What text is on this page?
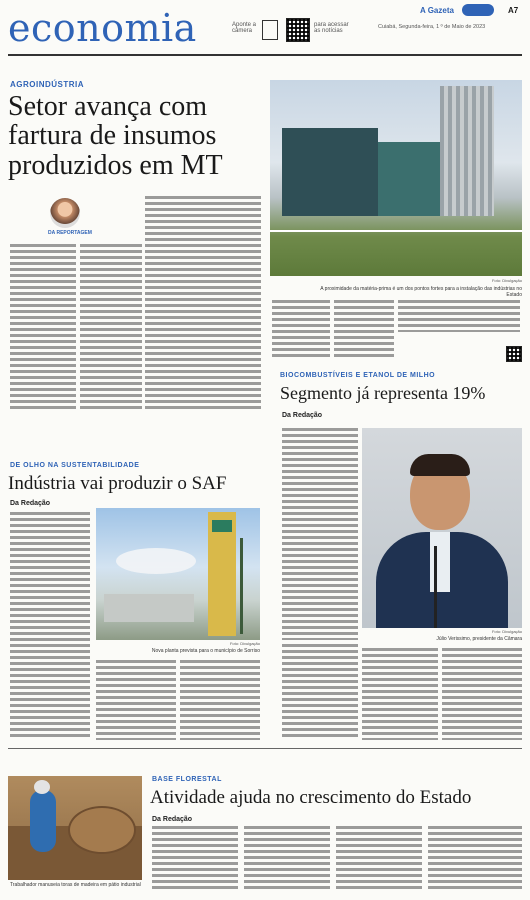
economia	Aponte a câmera
para acessar as notícias
A Gazeta	A7
Cuiabá, Segunda-feira, 1 º de Maio de 2023
AGROINDÚSTRIA
Setor avança com fartura de insumos produzidos em MT
DA REPORTAGEM
Foto: Divulgação
A proximidade da matéria-prima é um dos pontos fortes para a instalação das indústrias no Estado
BIOCOMBUSTÍVEIS E ETANOL DE MILHO
Segmento já representa 19%
Da Redação
Foto: Divulgação
Júlio Verissimo, presidente da Câmara
DE OLHO NA SUSTENTABILIDADE
Indústria vai produzir o SAF
Da Redação
Foto: Divulgação
Nova planta prevista para o município de Sorriso
Trabalhador manuseia toras de madeira em pátio industrial
BASE FLORESTAL
Atividade ajuda no crescimento do Estado
Da Redação
